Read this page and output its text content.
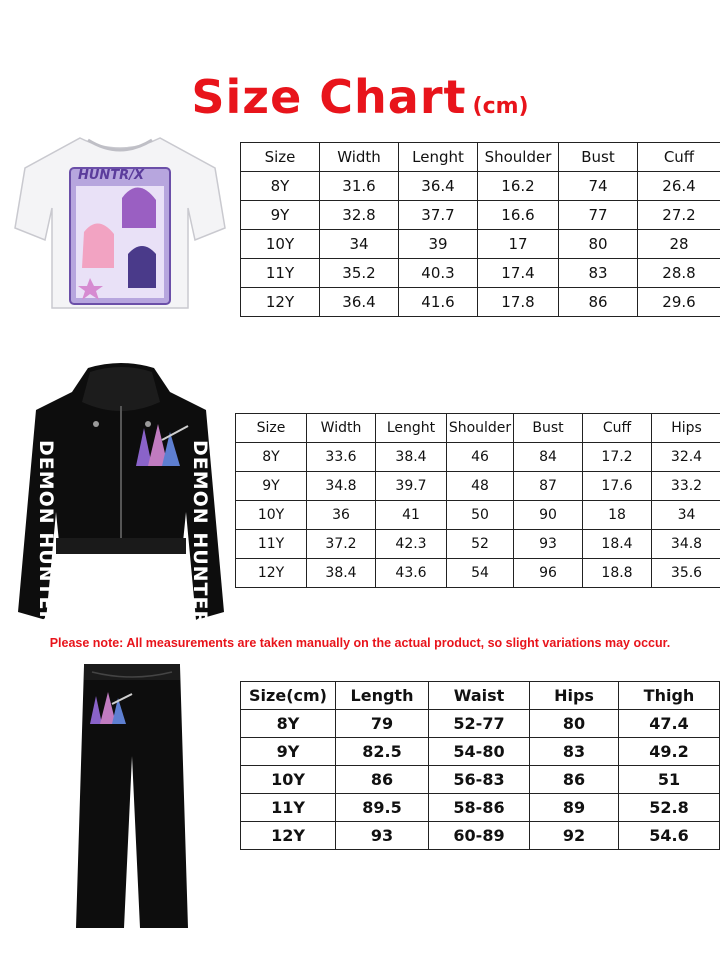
Size Chart (cm)
HUNTR/X
Size	Width	Lenght	Shoulder	Bust	Cuff
8Y	31.6	36.4	16.2	74	26.4
9Y	32.8	37.7	16.6	77	27.2
10Y	34	39	17	80	28
11Y	35.2	40.3	17.4	83	28.8
12Y	36.4	41.6	17.8	86	29.6
DEMON HUNTERS	DEMON HUNTERS
Size	Width	Lenght	Shoulder	Bust	Cuff	Hips
8Y	33.6	38.4	46	84	17.2	32.4
9Y	34.8	39.7	48	87	17.6	33.2
10Y	36	41	50	90	18	34
11Y	37.2	42.3	52	93	18.4	34.8
12Y	38.4	43.6	54	96	18.8	35.6
Please note: All measurements are taken manually on the actual product, so slight variations may occur.
Size(cm)	Length	Waist	Hips	Thigh
8Y	79	52-77	80	47.4
9Y	82.5	54-80	83	49.2
10Y	86	56-83	86	51
11Y	89.5	58-86	89	52.8
12Y	93	60-89	92	54.6
